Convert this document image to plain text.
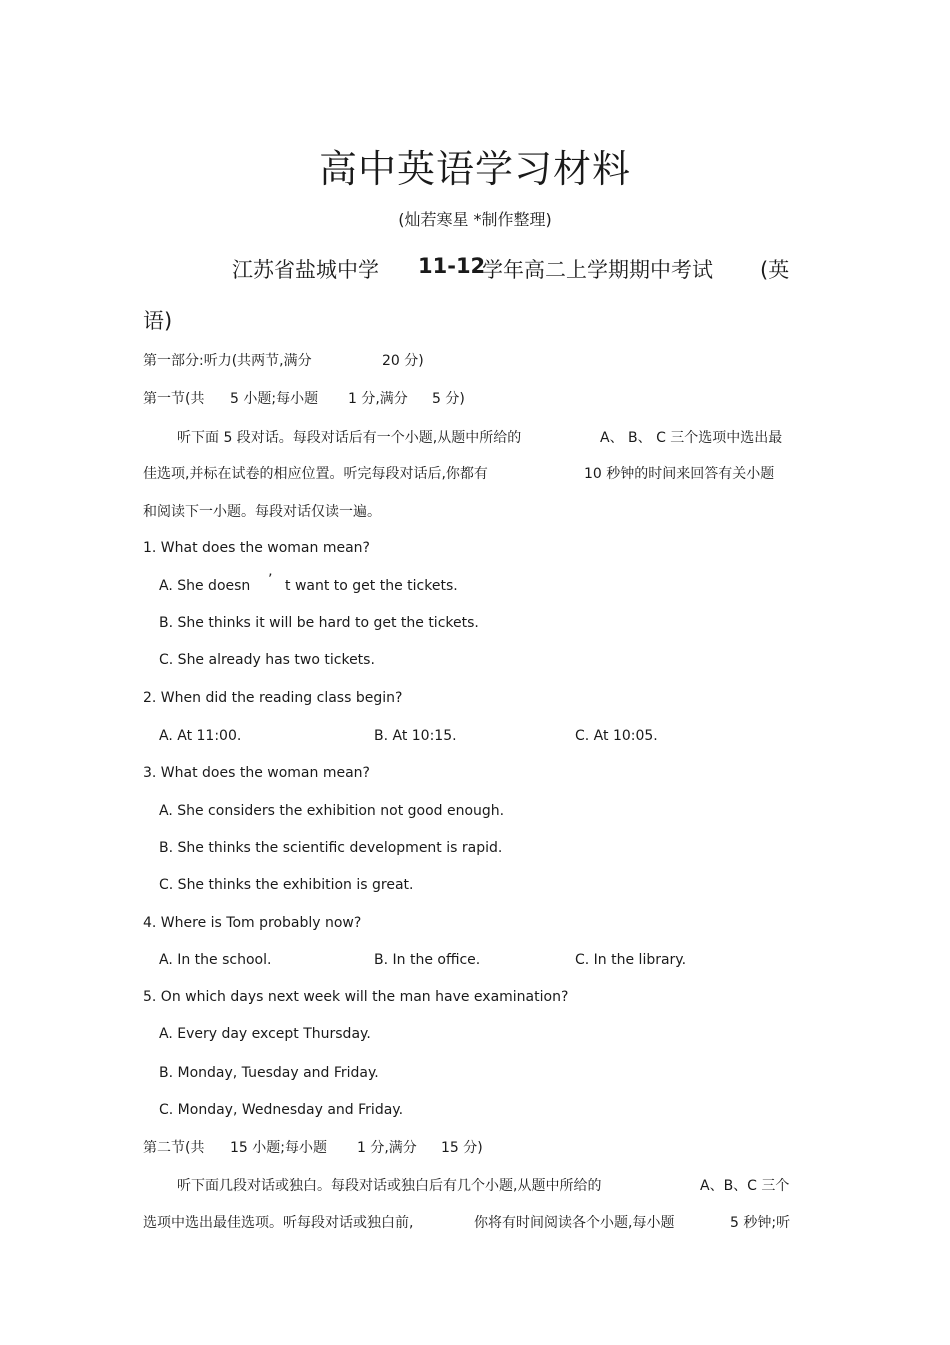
高中英语学习材料
(灿若寒星 *制作整理)
江苏省盐城中学 11-12
学年高二上学期期中考试 (英
语)
第一部分:听力(共两节,满分	20 分)
第一节(共 5 小题;每小题 1 分,满分 5 分)
听下面 5 段对话。每段对话后有一个小题,从题中所给的	A、 B、 C 三个选项中选出最
佳选项,并标在试卷的相应位置。听完每段对话后,你都有	10 秒钟的时间来回答有关小题
和阅读下一小题。每段对话仅读一遍。
1. What does the woman mean?
A. She doesn ’ t want to get the tickets.
B. She thinks it will be hard to get the tickets.
C. She already has two tickets.
2. When did the reading class begin?
A. At 11:00.	B. At 10:15.	C. At 10:05.
3. What does the woman mean?
A. She considers the exhibition not good enough.
B. She thinks the scientific development is rapid.
C. She thinks the exhibition is great.
4. Where is Tom probably now?
A. In the school.	B. In the office.	C. In the library.
5. On which days next week will the man have examination?
A. Every day except Thursday.
B. Monday, Tuesday and Friday.
C. Monday, Wednesday and Friday.
第二节(共 15 小题;每小题 1 分,满分 15 分)
听下面几段对话或独白。每段对话或独白后有几个小题,从题中所给的	A、B、C 三个
选项中选出最佳选项。听每段对话或独白前,	你将有时间阅读各个小题,每小题	5 秒钟;听
